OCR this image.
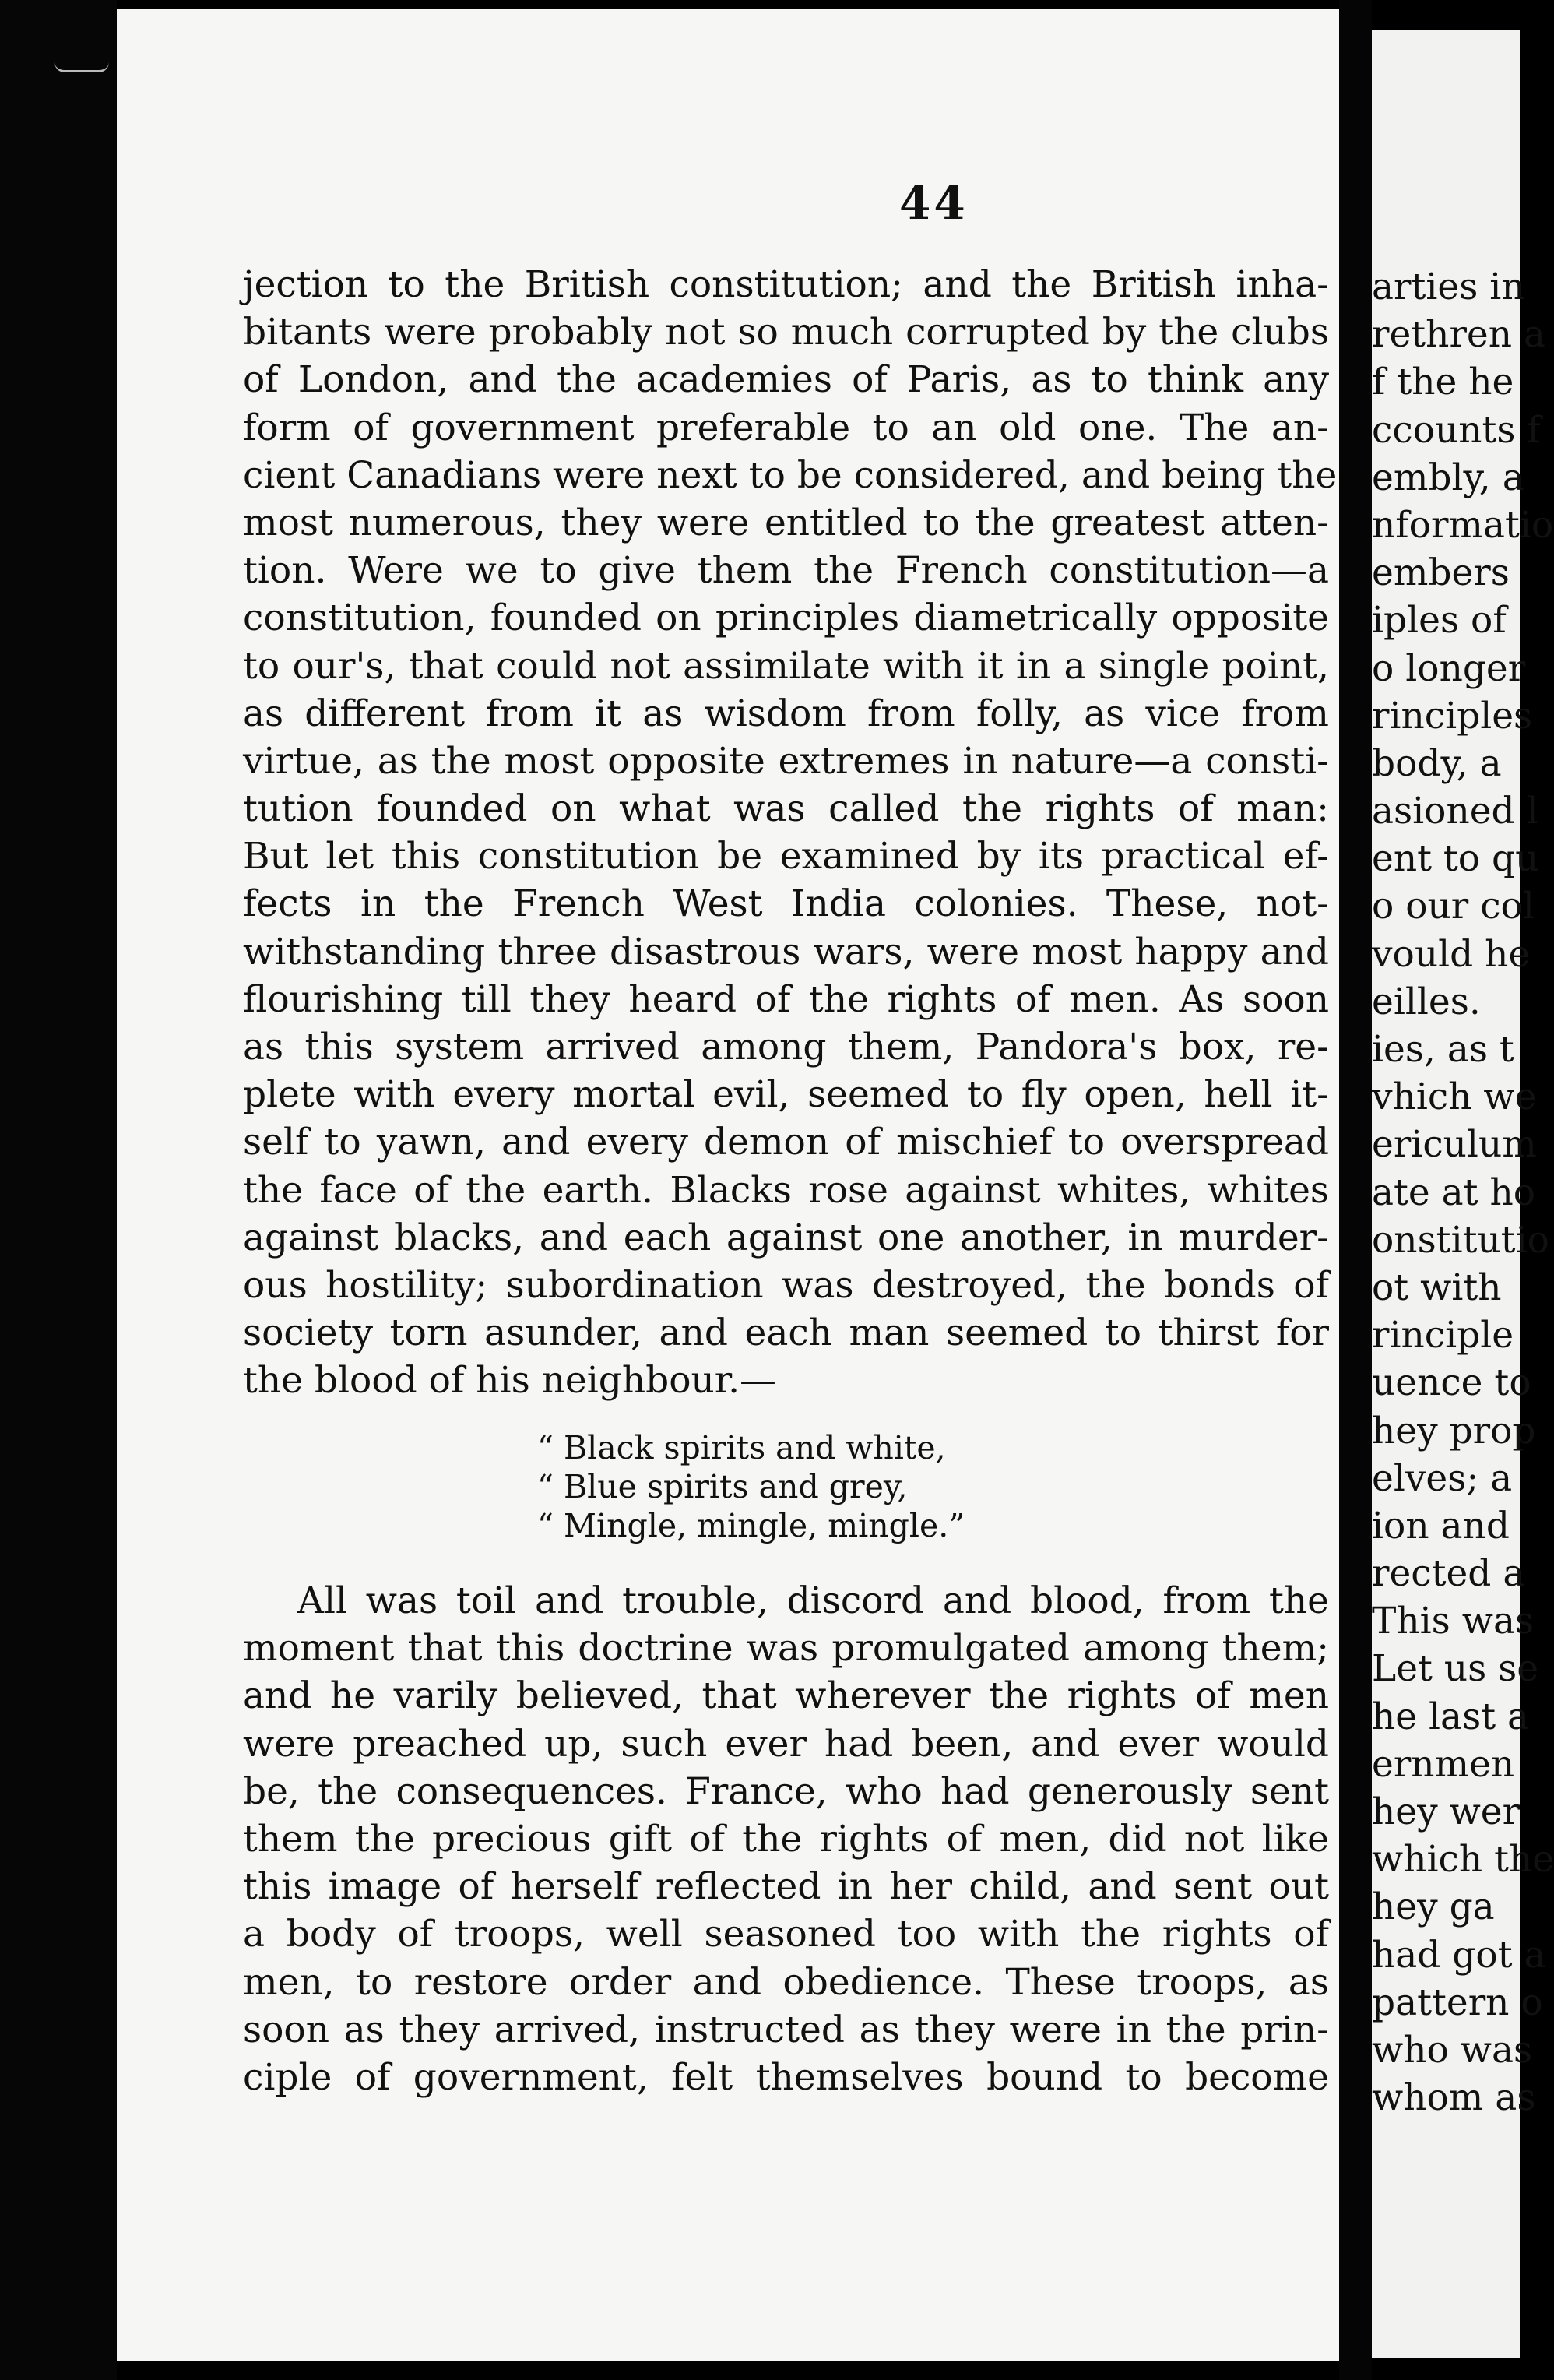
44
jection to the British constitution; and the British inha-
bitants were probably not so much corrupted by the clubs
of London, and the academies of Paris, as to think any
form of government preferable to an old one. The an-
cient Canadians were next to be considered, and being the
most numerous, they were entitled to the greatest atten-
tion. Were we to give them the French constitution—a
constitution, founded on principles diametrically opposite
to our's, that could not assimilate with it in a single point,
as different from it as wisdom from folly, as vice from
virtue, as the most opposite extremes in nature—a consti-
tution founded on what was called the rights of man:
But let this constitution be examined by its practical ef-
fects in the French West India colonies. These, not-
withstanding three disastrous wars, were most happy and
flourishing till they heard of the rights of men. As soon
as this system arrived among them, Pandora's box, re-
plete with every mortal evil, seemed to fly open, hell it-
self to yawn, and every demon of mischief to overspread
the face of the earth. Blacks rose against whites, whites
against blacks, and each against one another, in murder-
ous hostility; subordination was destroyed, the bonds of
society torn asunder, and each man seemed to thirst for
the blood of his neighbour.—
“ Black spirits and white,
“ Blue spirits and grey,
“ Mingle, mingle, mingle.”
All was toil and trouble, discord and blood, from the
moment that this doctrine was promulgated among them;
and he varily believed, that wherever the rights of men
were preached up, such ever had been, and ever would
be, the consequences. France, who had generously sent
them the precious gift of the rights of men, did not like
this image of herself reflected in her child, and sent out
a body of troops, well seasoned too with the rights of
men, to restore order and obedience. These troops, as
soon as they arrived, instructed as they were in the prin-
ciple of government, felt themselves bound to become
arties in
rethren a
f the he
ccounts f
embly, a
nformatio
embers
iples of
o longer
rinciples
body, a
asioned l
ent to qu
o our col
vould he
eilles.
ies, as t
vhich we
ericulum
ate at ho
onstitutio
ot with
rinciple
uence to
hey prop
elves; a
ion and
rected a
This was
Let us se
he last a
ernmen
hey wer
which the
hey ga
had got a
pattern o
who was
whom as
